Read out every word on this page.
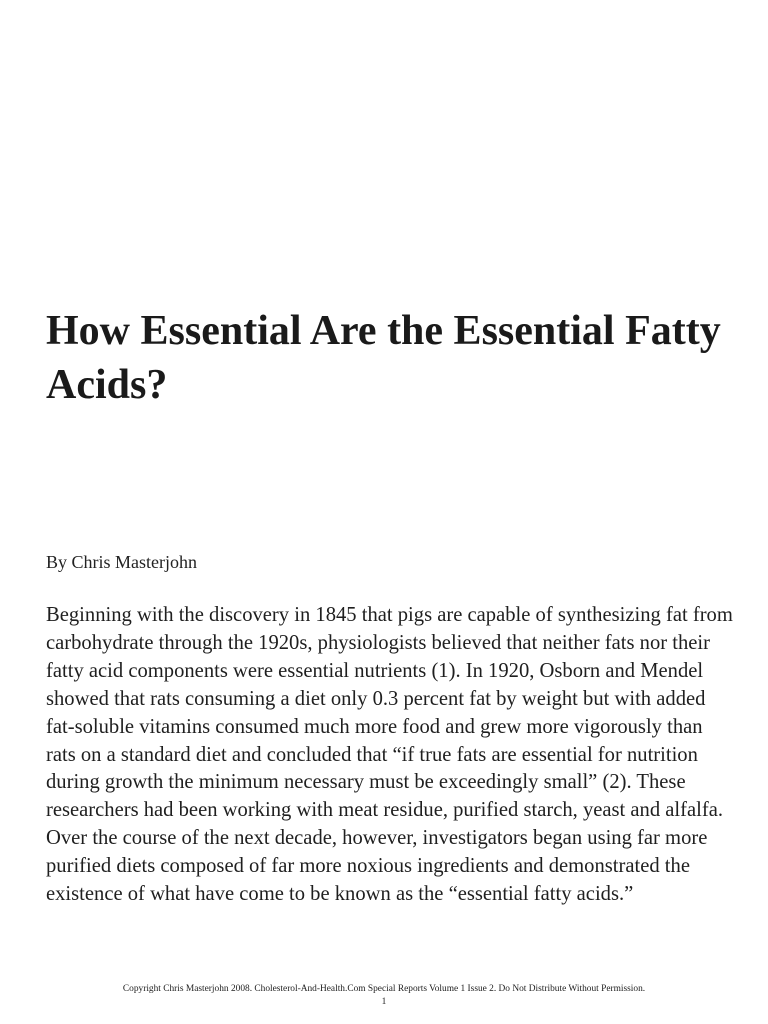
How Essential Are the Essential Fatty Acids?

By Chris Masterjohn

Beginning with the discovery in 1845 that pigs are capable of synthesizing fat from carbohydrate through the 1920s, physiologists believed that neither fats nor their fatty acid components were essential nutrients (1). In 1920, Osborn and Mendel showed that rats consuming a diet only 0.3 percent fat by weight but with added fat-soluble vitamins consumed much more food and grew more vigorously than rats on a standard diet and concluded that “if true fats are essential for nutrition during growth the minimum necessary must be exceedingly small” (2). These researchers had been working with meat residue, purified starch, yeast and alfalfa. Over the course of the next decade, however, investigators began using far more purified diets composed of far more noxious ingredients and demonstrated the existence of what have come to be known as the “essential fatty acids.”

Copyright Chris Masterjohn 2008. Cholesterol-And-Health.Com Special Reports Volume 1 Issue 2. Do Not Distribute Without Permission.
1
